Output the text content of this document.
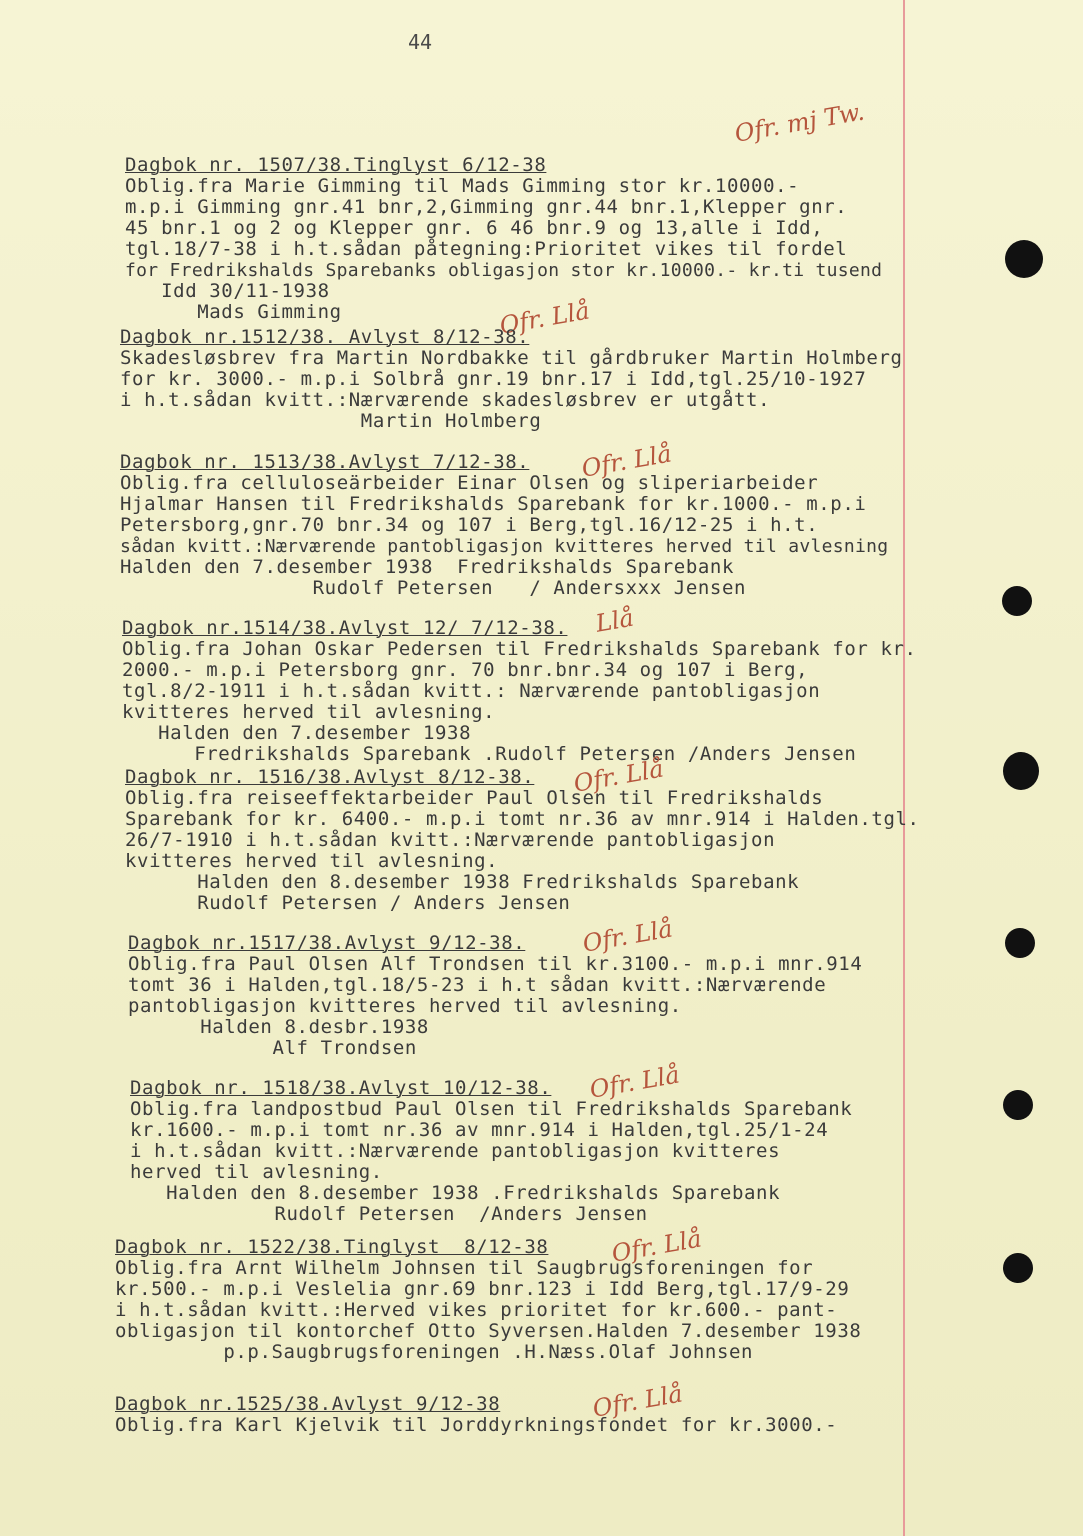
44
Ofr. mj Tw.
Dagbok nr. 1507/38.Tinglyst 6/12-38
Oblig.fra Marie Gimming til Mads Gimming stor kr.10000.-
m.p.i Gimming gnr.41 bnr,2,Gimming gnr.44 bnr.1,Klepper gnr.
45 bnr.1 og 2 og Klepper gnr. 6 46 bnr.9 og 13,alle i Idd,
tgl.18/7-38 i h.t.sådan påtegning:Prioritet vikes til fordel
for Fredrikshalds Sparebanks obligasjon stor kr.10000.- kr.ti tusend
Idd 30/11-1938
Mads Gimming	Ofr. Llå
Dagbok nr.1512/38. Avlyst 8/12-38.
Skadesløsbrev fra Martin Nordbakke til gårdbruker Martin Holmberg
for kr. 3000.- m.p.i Solbrå gnr.19 bnr.17 i Idd,tgl.25/10-1927
i h.t.sådan kvitt.:Nærværende skadesløsbrev er utgått.
Martin Holmberg
Ofr. Llå
Dagbok nr. 1513/38.Avlyst 7/12-38.
Oblig.fra celluloseärbeider Einar Olsen og sliperiarbeider
Hjalmar Hansen til Fredrikshalds Sparebank for kr.1000.- m.p.i
Petersborg,gnr.70 bnr.34 og 107 i Berg,tgl.16/12-25 i h.t.
sådan kvitt.:Nærværende pantobligasjon kvitteres herved til avlesning
Halden den 7.desember 1938  Fredrikshalds Sparebank
Rudolf Petersen   / Andersxxx Jensen
Llå
Dagbok nr.1514/38.Avlyst 12/ 7/12-38.
Oblig.fra Johan Oskar Pedersen til Fredrikshalds Sparebank for kr.
2000.- m.p.i Petersborg gnr. 70 bnr.bnr.34 og 107 i Berg,
tgl.8/2-1911 i h.t.sådan kvitt.: Nærværende pantobligasjon
kvitteres herved til avlesning.
Halden den 7.desember 1938
Fredrikshalds Sparebank .Rudolf Petersen /Anders Jensen
Ofr. Llå
Dagbok nr. 1516/38.Avlyst 8/12-38.
Oblig.fra reiseeffektarbeider Paul Olsen til Fredrikshalds
Sparebank for kr. 6400.- m.p.i tomt nr.36 av mnr.914 i Halden.tgl.
26/7-1910 i h.t.sådan kvitt.:Nærværende pantobligasjon
kvitteres herved til avlesning.
Halden den 8.desember 1938 Fredrikshalds Sparebank
Rudolf Petersen / Anders Jensen
Ofr. Llå
Dagbok nr.1517/38.Avlyst 9/12-38.
Oblig.fra Paul Olsen Alf Trondsen til kr.3100.- m.p.i mnr.914
tomt 36 i Halden,tgl.18/5-23 i h.t sådan kvitt.:Nærværende
pantobligasjon kvitteres herved til avlesning.
Halden 8.desbr.1938
Alf Trondsen
Ofr. Llå
Dagbok nr. 1518/38.Avlyst 10/12-38.
Oblig.fra landpostbud Paul Olsen til Fredrikshalds Sparebank
kr.1600.- m.p.i tomt nr.36 av mnr.914 i Halden,tgl.25/1-24
i h.t.sådan kvitt.:Nærværende pantobligasjon kvitteres
herved til avlesning.
Halden den 8.desember 1938 .Fredrikshalds Sparebank
Rudolf Petersen  /Anders Jensen
Ofr. Llå
Dagbok nr. 1522/38.Tinglyst  8/12-38
Oblig.fra Arnt Wilhelm Johnsen til Saugbrugsforeningen for
kr.500.- m.p.i Veslelia gnr.69 bnr.123 i Idd Berg,tgl.17/9-29
i h.t.sådan kvitt.:Herved vikes prioritet for kr.600.- pant-
obligasjon til kontorchef Otto Syversen.Halden 7.desember 1938
p.p.Saugbrugsforeningen .H.Næss.Olaf Johnsen
Ofr. Llå
Dagbok nr.1525/38.Avlyst 9/12-38
Oblig.fra Karl Kjelvik til Jorddyrkningsfondet for kr.3000.-
